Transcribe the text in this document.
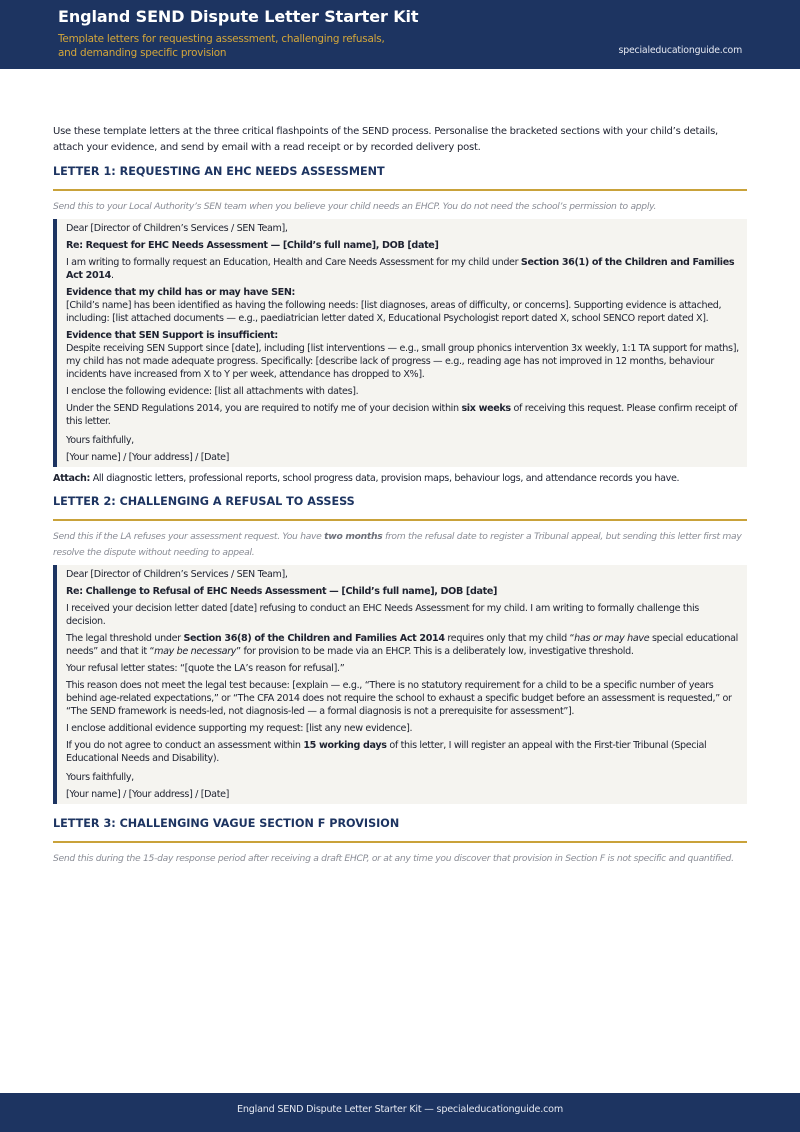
England SEND Dispute Letter Starter Kit
Template letters for requesting assessment, challenging refusals, and demanding specific provision	specialeducationguide.com

Use these template letters at the three critical flashpoints of the SEND process. Personalise the bracketed sections with your child’s details, attach your evidence, and send by email with a read receipt or by recorded delivery post.

LETTER 1: REQUESTING AN EHC NEEDS ASSESSMENT

Send this to your Local Authority’s SEN team when you believe your child needs an EHCP. You do not need the school’s permission to apply.

Dear [Director of Children’s Services / SEN Team],

Re: Request for EHC Needs Assessment — [Child’s full name], DOB [date]

I am writing to formally request an Education, Health and Care Needs Assessment for my child under Section 36(1) of the Children and Families Act 2014.

Evidence that my child has or may have SEN:

[Child’s name] has been identified as having the following needs: [list diagnoses, areas of difficulty, or concerns]. Supporting evidence is attached, including: [list attached documents — e.g., paediatrician letter dated X, Educational Psychologist report dated X, school SENCO report dated X].

Evidence that SEN Support is insufficient:

Despite receiving SEN Support since [date], including [list interventions — e.g., small group phonics intervention 3x weekly, 1:1 TA support for maths], my child has not made adequate progress. Specifically: [describe lack of progress — e.g., reading age has not improved in 12 months, behaviour incidents have increased from X to Y per week, attendance has dropped to X%].

I enclose the following evidence: [list all attachments with dates].

Under the SEND Regulations 2014, you are required to notify me of your decision within six weeks of receiving this request. Please confirm receipt of this letter.

Yours faithfully,

[Your name] / [Your address] / [Date]

Attach: All diagnostic letters, professional reports, school progress data, provision maps, behaviour logs, and attendance records you have.

LETTER 2: CHALLENGING A REFUSAL TO ASSESS

Send this if the LA refuses your assessment request. You have two months from the refusal date to register a Tribunal appeal, but sending this letter first may resolve the dispute without needing to appeal.

Dear [Director of Children’s Services / SEN Team],

Re: Challenge to Refusal of EHC Needs Assessment — [Child’s full name], DOB [date]

I received your decision letter dated [date] refusing to conduct an EHC Needs Assessment for my child. I am writing to formally challenge this decision.

The legal threshold under Section 36(8) of the Children and Families Act 2014 requires only that my child “has or may have special educational needs” and that it “may be necessary” for provision to be made via an EHCP. This is a deliberately low, investigative threshold.

Your refusal letter states: “[quote the LA’s reason for refusal].”

This reason does not meet the legal test because: [explain — e.g., “There is no statutory requirement for a child to be a specific number of years behind age-related expectations,” or “The CFA 2014 does not require the school to exhaust a specific budget before an assessment is requested,” or “The SEND framework is needs-led, not diagnosis-led — a formal diagnosis is not a prerequisite for assessment”].

I enclose additional evidence supporting my request: [list any new evidence].

If you do not agree to conduct an assessment within 15 working days of this letter, I will register an appeal with the First-tier Tribunal (Special Educational Needs and Disability).

Yours faithfully,

[Your name] / [Your address] / [Date]

LETTER 3: CHALLENGING VAGUE SECTION F PROVISION

Send this during the 15-day response period after receiving a draft EHCP, or at any time you discover that provision in Section F is not specific and quantified.

England SEND Dispute Letter Starter Kit — specialeducationguide.com
